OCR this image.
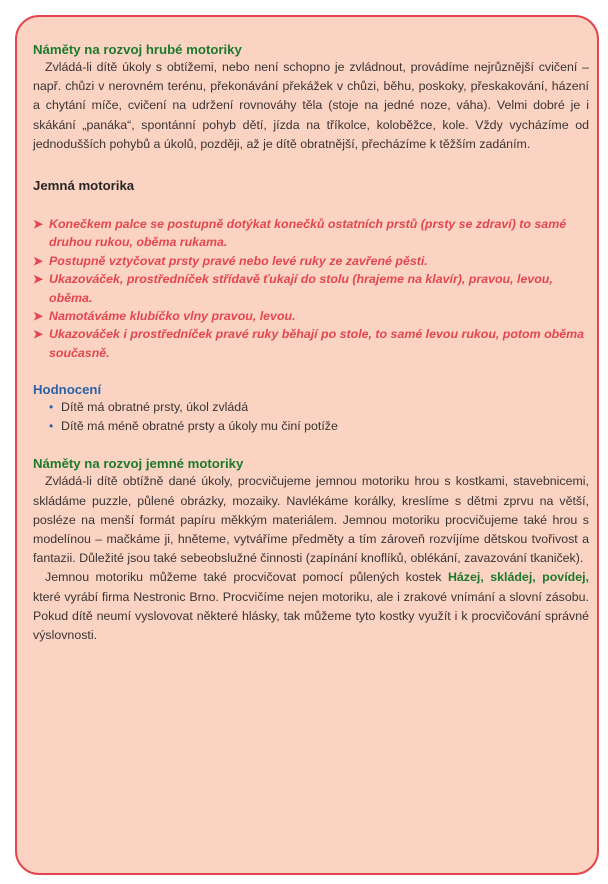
Náměty na rozvoj hrubé motoriky

Zvládá-li dítě úkoly s obtížemi, nebo není schopno je zvládnout, provádíme nejrůznější cvičení – např. chůzi v nerovném terénu, překonávání překážek v chůzi, běhu, poskoky, přeskakování, házení a chytání míče, cvičení na udržení rovnováhy těla (stoje na jedné noze, váha). Velmi dobré je i skákání „panáka“, spontánní pohyb dětí, jízda na tříkolce, koloběžce, kole. Vždy vycházíme od jednodušších pohybů a úkolů, později, až je dítě obratnější, přecházíme k těžším zadáním.

Jemná motorika
➤ Konečkem palce se postupně dotýkat konečků ostatních prstů (prsty se zdraví) to samé druhou rukou, oběma rukama.
➤ Postupně vztyčovat prsty pravé nebo levé ruky ze zavřené pěsti.
➤ Ukazováček, prostředníček střídavě ťukají do stolu (hrajeme na klavír), pravou, levou, oběma.
➤ Namotáváme klubíčko vlny pravou, levou.
➤ Ukazováček i prostředníček pravé ruky běhají po stole, to samé levou rukou, potom oběma současně.
Hodnocení
• Dítě má obratné prsty, úkol zvládá
• Dítě má méně obratné prsty a úkoly mu činí potíže
Náměty na rozvoj jemné motoriky

Zvládá-li dítě obtížně dané úkoly, procvičujeme jemnou motoriku hrou s kostkami, stavebnicemi, skládáme puzzle, půlené obrázky, mozaiky. Navlékáme korálky, kreslíme s dětmi zprvu na větší, posléze na menší formát papíru měkkým materiálem. Jemnou motoriku procvičujeme také hrou s modelínou – mačkáme ji, hněteme, vytváříme předměty a tím zároveň rozvíjíme dětskou tvořivost a fantazii. Důležité jsou také sebeobslužné činnosti (zapínání knoflíků, oblékání, zavazování tkaniček).

Jemnou motoriku můžeme také procvičovat pomocí půlených kostek Házej, skládej, povídej, které vyrábí firma Nestronic Brno. Procvičíme nejen motoriku, ale i zrakové vnímání a slovní zásobu. Pokud dítě neumí vyslovovat některé hlásky, tak můžeme tyto kostky využít i k procvičování správné výslovnosti.
